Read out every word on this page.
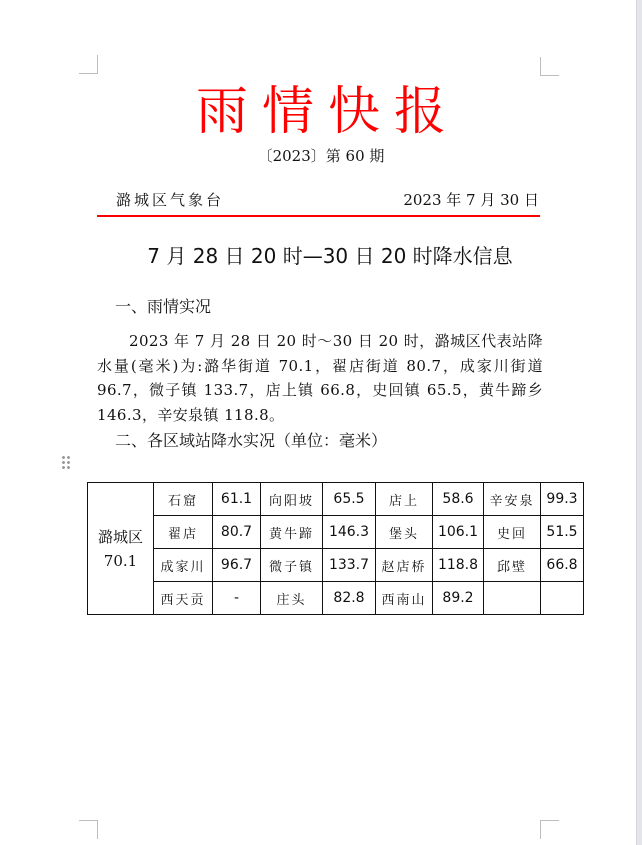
雨情快报
〔2023〕第 60 期
潞城区气象台	2023 年 7 月 30 日
7 月 28 日 20 时—30 日 20 时降水信息
一、雨情实况
2023 年 7 月 28 日 20 时～30 日 20 时，潞城区代表站降水量(毫米)为:潞华街道 70.1，翟店街道 80.7，成家川街道 96.7，微子镇 133.7，店上镇 66.8，史回镇 65.5，黄牛蹄乡 146.3，辛安泉镇 118.8。
二、各区域站降水实况（单位：毫米）
潞城区
70.1	石窟	61.1	向阳坡	65.5	店上	58.6	辛安泉	99.3
	翟店	80.7	黄牛蹄	146.3	堡头	106.1	史回	51.5
	成家川	96.7	微子镇	133.7	赵店桥	118.8	邱壁	66.8
	西天贡	-	庄头	82.8	西南山	89.2		
